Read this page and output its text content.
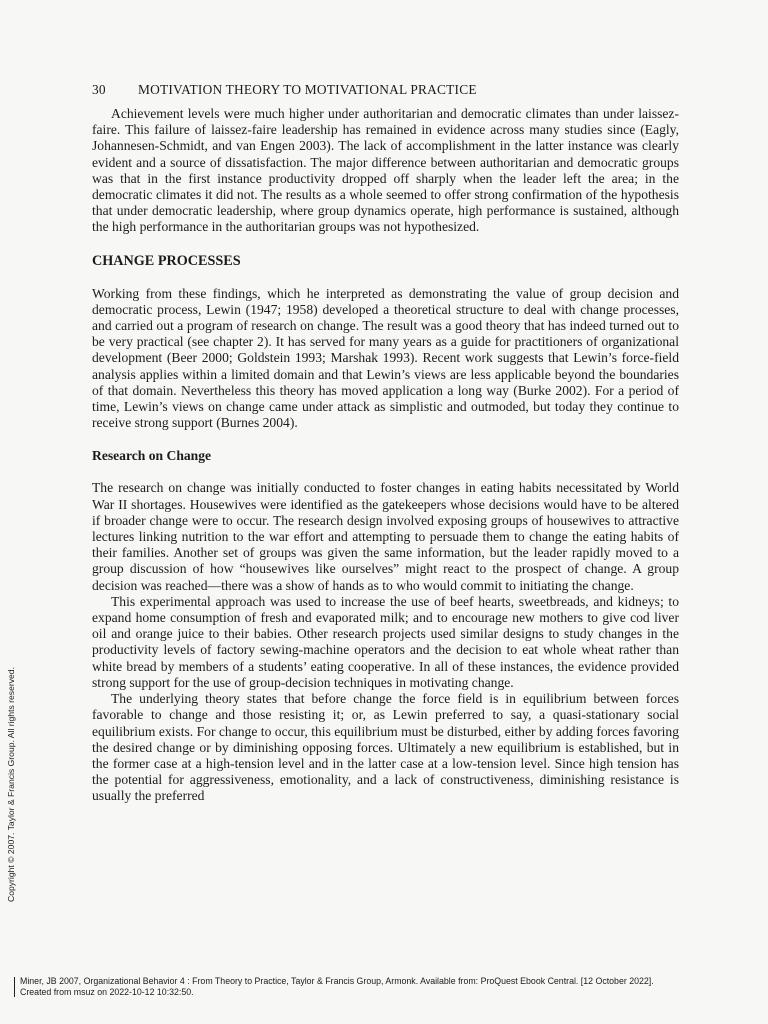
30 MOTIVATION THEORY TO MOTIVATIONAL PRACTICE

Achievement levels were much higher under authoritarian and democratic climates than under laissez-faire. This failure of laissez-faire leadership has remained in evidence across many studies since (Eagly, Johannesen-Schmidt, and van Engen 2003). The lack of accomplishment in the latter instance was clearly evident and a source of dissatisfaction. The major difference between authoritarian and democratic groups was that in the first instance productivity dropped off sharply when the leader left the area; in the democratic climates it did not. The results as a whole seemed to offer strong confirmation of the hypothesis that under democratic leadership, where group dynamics operate, high performance is sustained, although the high performance in the authoritarian groups was not hypothesized.

CHANGE PROCESSES

Working from these findings, which he interpreted as demonstrating the value of group decision and democratic process, Lewin (1947; 1958) developed a theoretical structure to deal with change processes, and carried out a program of research on change. The result was a good theory that has indeed turned out to be very practical (see chapter 2). It has served for many years as a guide for practitioners of organizational development (Beer 2000; Goldstein 1993; Marshak 1993). Recent work suggests that Lewin’s force-field analysis applies within a limited domain and that Lewin’s views are less applicable beyond the boundaries of that domain. Nevertheless this theory has moved application a long way (Burke 2002). For a period of time, Lewin’s views on change came under attack as simplistic and outmoded, but today they continue to receive strong support (Burnes 2004).

Research on Change

The research on change was initially conducted to foster changes in eating habits necessitated by World War II shortages. Housewives were identified as the gatekeepers whose decisions would have to be altered if broader change were to occur. The research design involved exposing groups of housewives to attractive lectures linking nutrition to the war effort and attempting to persuade them to change the eating habits of their families. Another set of groups was given the same information, but the leader rapidly moved to a group discussion of how “housewives like ourselves” might react to the prospect of change. A group decision was reached—there was a show of hands as to who would commit to initiating the change.

This experimental approach was used to increase the use of beef hearts, sweetbreads, and kidneys; to expand home consumption of fresh and evaporated milk; and to encourage new mothers to give cod liver oil and orange juice to their babies. Other research projects used similar designs to study changes in the productivity levels of factory sewing-machine operators and the decision to eat whole wheat rather than white bread by members of a students’ eating cooperative. In all of these instances, the evidence provided strong support for the use of group-decision techniques in motivating change.

The underlying theory states that before change the force field is in equilibrium between forces favorable to change and those resisting it; or, as Lewin preferred to say, a quasi-stationary social equilibrium exists. For change to occur, this equilibrium must be disturbed, either by adding forces favoring the desired change or by diminishing opposing forces. Ultimately a new equilibrium is established, but in the former case at a high-tension level and in the latter case at a low-tension level. Since high tension has the potential for aggressiveness, emotionality, and a lack of constructiveness, diminishing resistance is usually the preferred

Copyright © 2007. Taylor & Francis Group. All rights reserved.
Miner, JB 2007, Organizational Behavior 4 : From Theory to Practice, Taylor & Francis Group, Armonk. Available from: ProQuest Ebook Central. [12 October 2022].
Created from msuz on 2022-10-12 10:32:50.
